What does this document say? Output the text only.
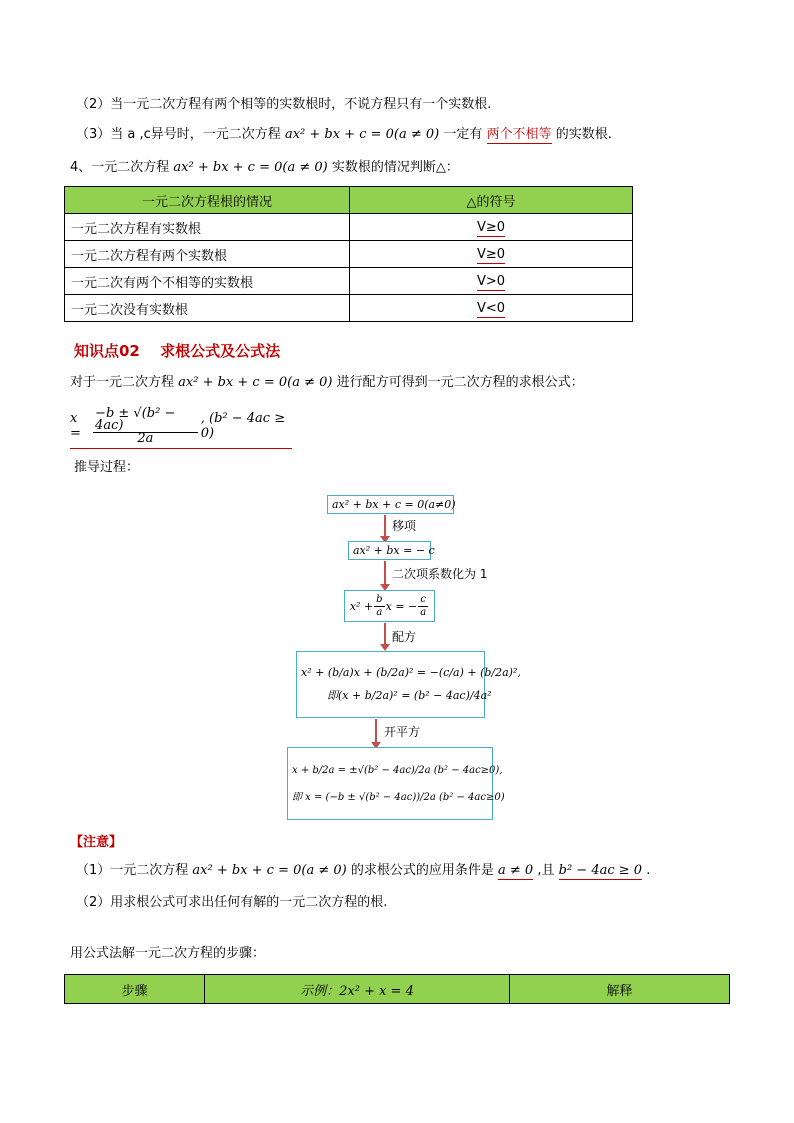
（2）当一元二次方程有两个相等的实数根时，不说方程只有一个实数根.
（3）当 a ,c异号时，一元二次方程 ax² + bx + c = 0(a ≠ 0) 一定有 两个不相等 的实数根.
4、一元二次方程 ax² + bx + c = 0(a ≠ 0) 实数根的情况判断△：
一元二次方程根的情况	△的符号
一元二次方程有实数根	V≥0
一元二次方程有两个实数根	V≥0
一元二次有两个不相等的实数根	V>0
一元二次没有实数根	V<0
知识点02　 求根公式及公式法
对于一元二次方程 ax² + bx + c = 0(a ≠ 0) 进行配方可得到一元二次方程的求根公式：
$x = \frac{\text{−b ± √(b² − 4ac)}}{2a}$ , (b² − 4ac ≥ 0)
推导过程：
ax² + bx + c = 0(a≠0)
移项
ax² + bx = − c
二次项系数化为 1
$x^2 + \frac{b}{a}$ x = − $\frac{c}{a}$
配方
x² + (b/a)x + (b/2a)² = −(c/a) + (b/2a)²,
即(x + b/2a)² = (b² − 4ac)/4a²
开平方
x + b/2a = ±√(b² − 4ac)/2a (b² − 4ac≥0),
即 x = (−b ± √(b² − 4ac))/2a (b² − 4ac≥0)
【注意】
（1）一元二次方程 ax² + bx + c = 0(a ≠ 0) 的求根公式的应用条件是 a ≠ 0 ,且 b² − 4ac ≥ 0 .
（2）用求根公式可求出任何有解的一元二次方程的根.
用公式法解一元二次方程的步骤：
步骤	示例：2x² + x = 4	解释
